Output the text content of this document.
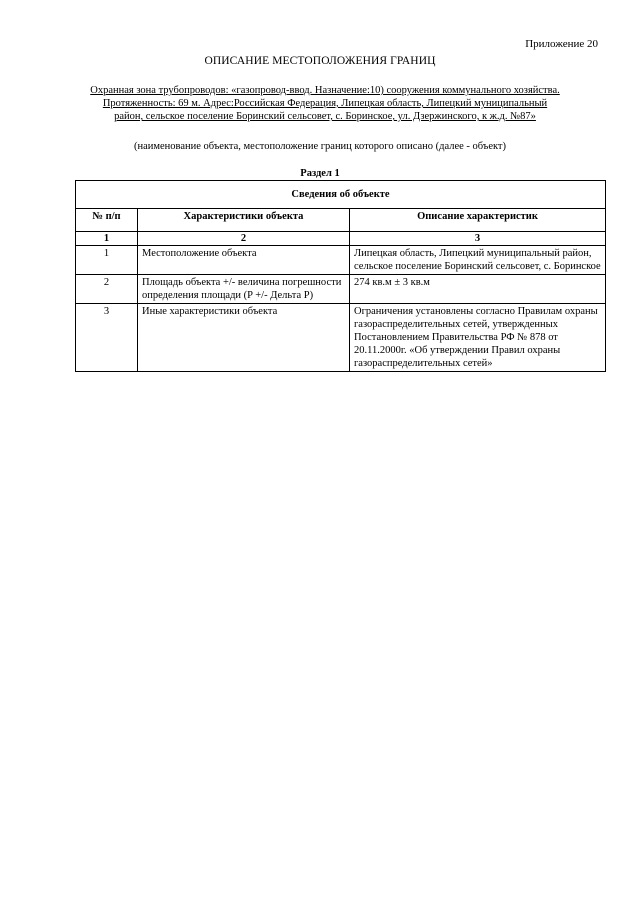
Приложение 20
ОПИСАНИЕ МЕСТОПОЛОЖЕНИЯ ГРАНИЦ
Охранная зона трубопроводов: «газопровод-ввод. Назначение:10) сооружения коммунального хозяйства. Протяженность: 69 м. Адрес:Российская Федерация, Липецкая область, Липецкий муниципальный район, сельское поселение Боринский сельсовет, с. Боринское, ул. Дзержинского, к ж.д. №87»
(наименование объекта, местоположение границ которого описано (далее - объект)
Раздел 1
Сведения об объекте		
№ п/п	Характеристики объекта	Описание характеристик
1	2	3
1	Местоположение объекта	Липецкая область, Липецкий муниципальный район, сельское поселение Боринский сельсовет, с. Боринское
2	Площадь объекта +/- величина погрешности определения площади (P +/- Дельта P)	274 кв.м ± 3 кв.м
3	Иные характеристики объекта	Ограничения установлены согласно Правилам охраны газораспределительных сетей, утвержденных Постановлением Правительства РФ № 878 от 20.11.2000г. «Об утверждении Правил охраны газораспределительных сетей»
